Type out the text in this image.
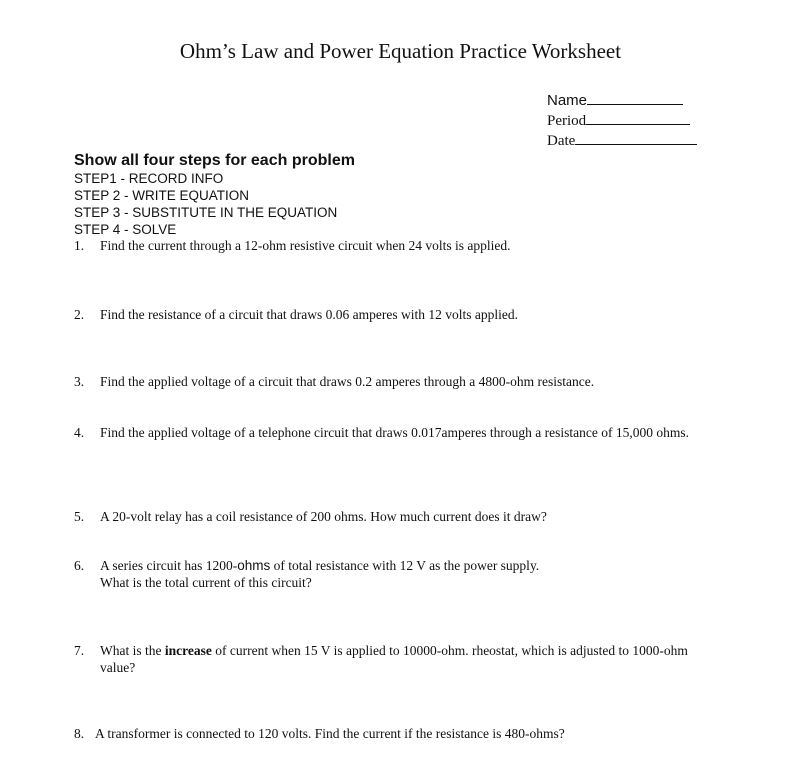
Ohm’s Law and Power Equation Practice Worksheet
Name
Period
Date
Show all four steps for each problem
STEP1 - RECORD INFO
STEP 2 - WRITE EQUATION
STEP 3 - SUBSTITUTE IN THE EQUATION
STEP 4 - SOLVE
1. Find the current through a 12-ohm resistive circuit when 24 volts is applied.
2. Find the resistance of a circuit that draws 0.06 amperes with 12 volts applied.
3. Find the applied voltage of a circuit that draws 0.2 amperes through a 4800-ohm resistance.
4. Find the applied voltage of a telephone circuit that draws 0.017amperes through a resistance of 15,000 ohms.
5. A 20-volt relay has a coil resistance of 200 ohms. How much current does it draw?
6. A series circuit has 1200-ohms of total resistance with 12 V as the power supply.
What is the total current of this circuit?
7. What is the increase of current when 15 V is applied to 10000-ohm. rheostat, which is adjusted to 1000-ohm value?
8. A transformer is connected to 120 volts. Find the current if the resistance is 480-ohms?
